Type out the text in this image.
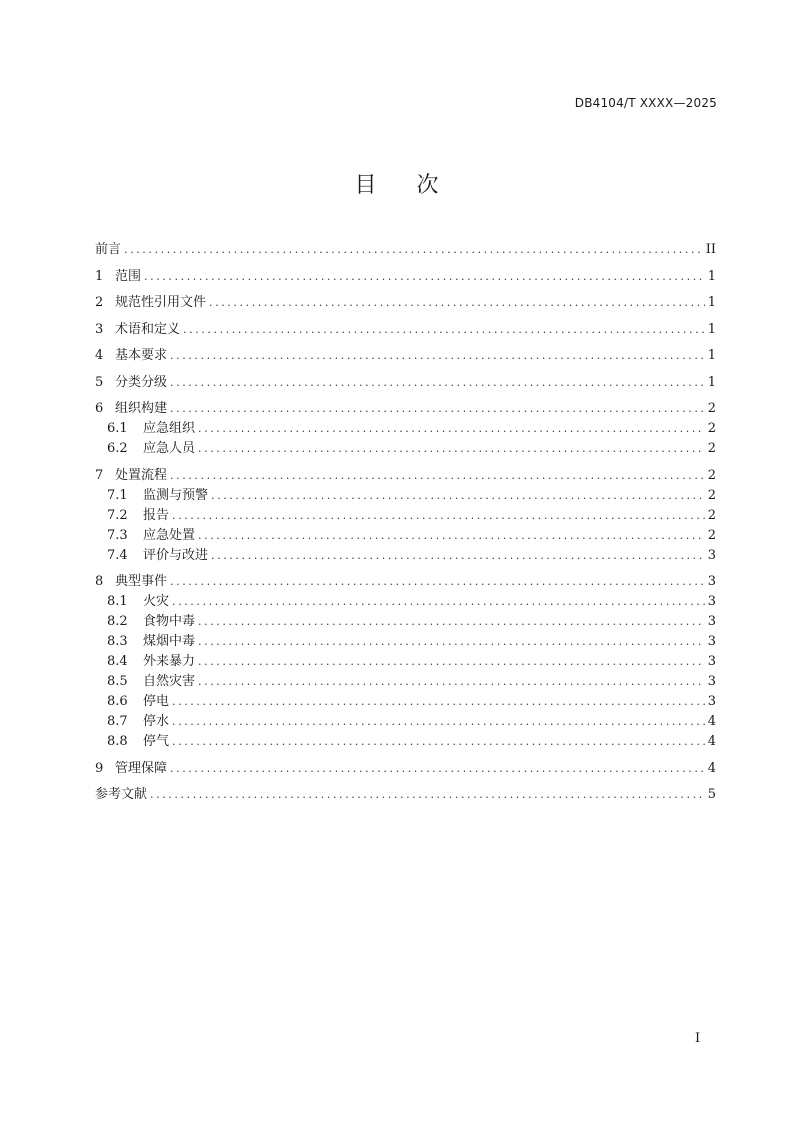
DB4104/T XXXX—2025
目次
前言 .....	II
1 范围 .....	1
2 规范性引用文件 .....	1
3 术语和定义 .....	1
4 基本要求 .....	1
5 分类分级 .....	1
6 组织构建 .....	2
6.1	应急组织 .....	2
6.2	应急人员 .....	2
7 处置流程 .....	2
7.1	监测与预警 .....	2
7.2	报告 .....	2
7.3	应急处置 .....	2
7.4	评价与改进 .....	3
8 典型事件 .....	3
8.1	火灾 .....	3
8.2	食物中毒 .....	3
8.3	煤烟中毒 .....	3
8.4	外来暴力 .....	3
8.5	自然灾害 .....	3
8.6	停电 .....	3
8.7	停水 .....	4
8.8	停气 .....	4
9 管理保障 .....	4
参考文献 .....	5
I
